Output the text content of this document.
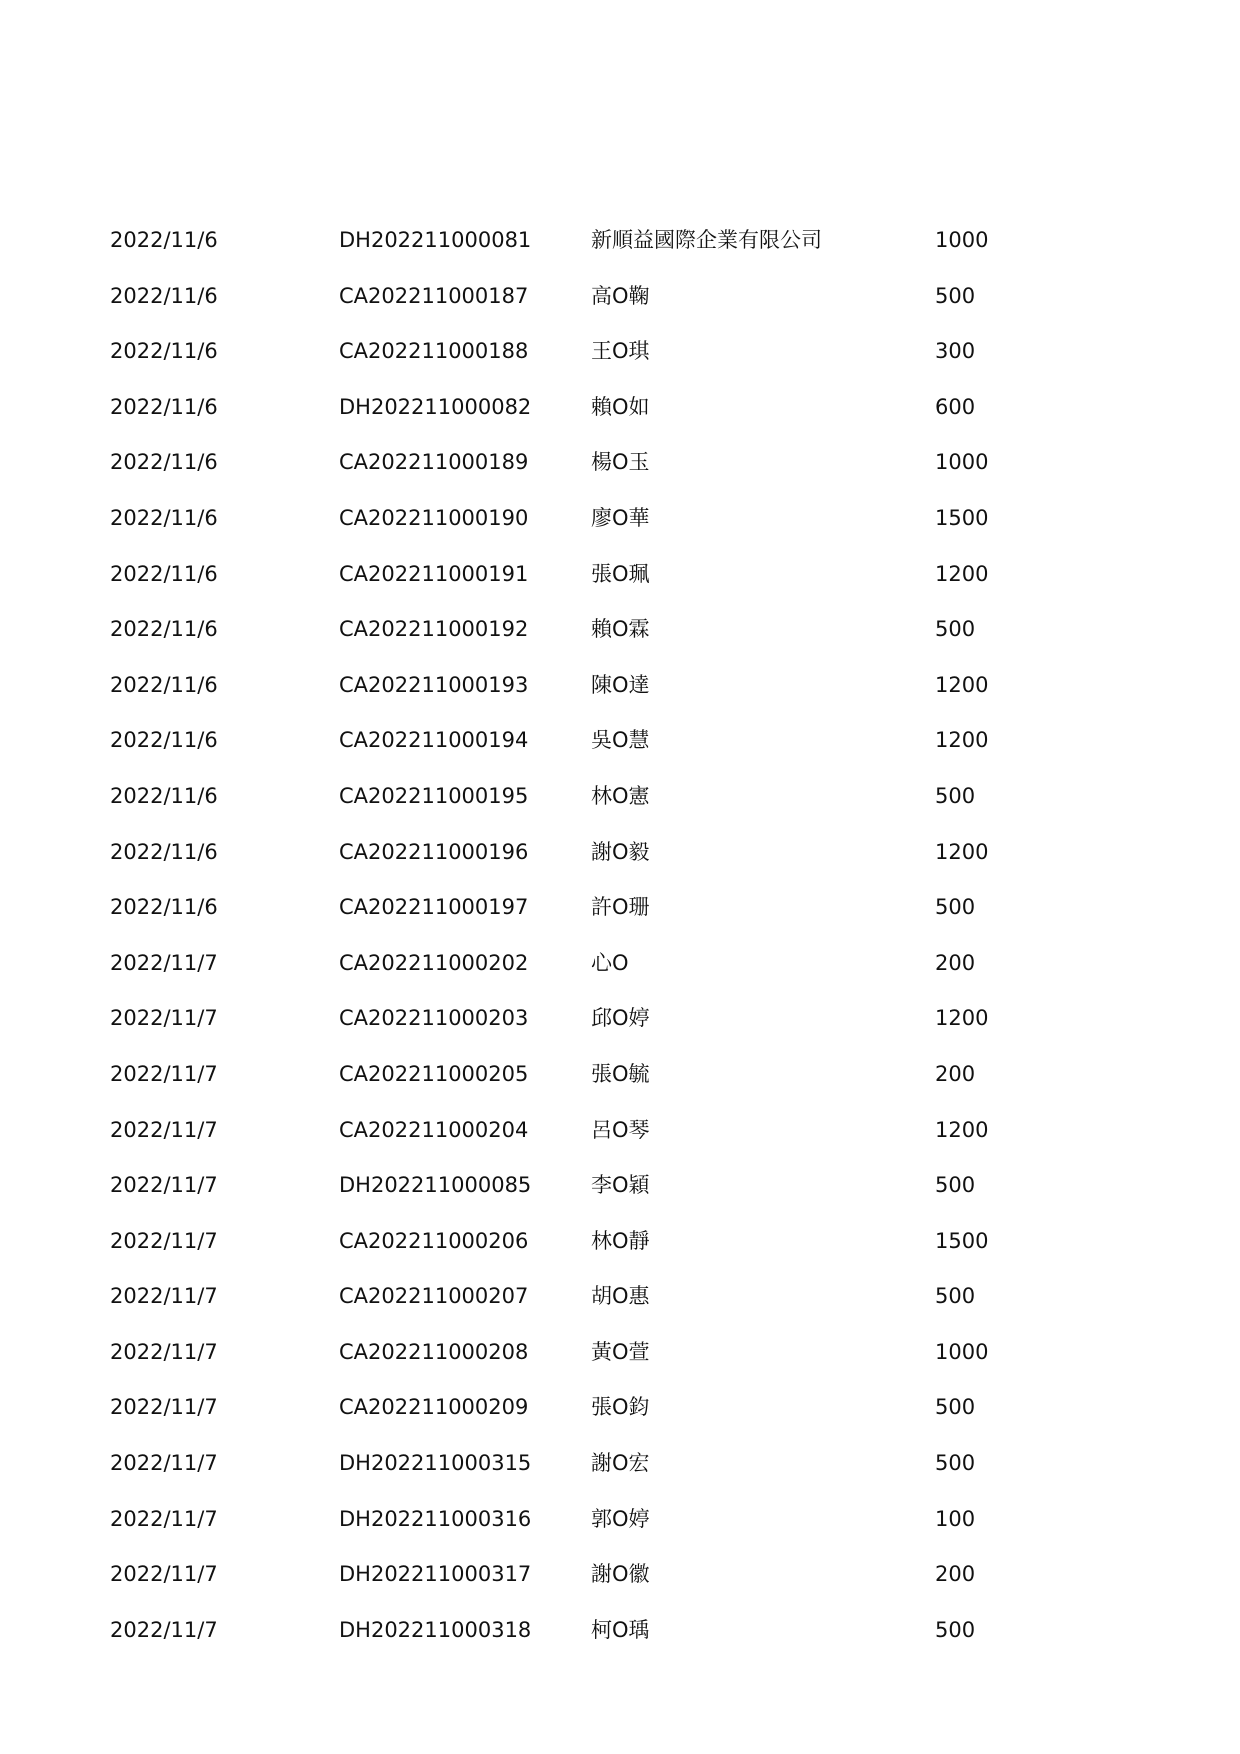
2022/11/6	DH202211000081	新順益國際企業有限公司	1000
2022/11/6	CA202211000187	高O鞠	500
2022/11/6	CA202211000188	王O琪	300
2022/11/6	DH202211000082	賴O如	600
2022/11/6	CA202211000189	楊O玉	1000
2022/11/6	CA202211000190	廖O華	1500
2022/11/6	CA202211000191	張O珮	1200
2022/11/6	CA202211000192	賴O霖	500
2022/11/6	CA202211000193	陳O達	1200
2022/11/6	CA202211000194	吳O慧	1200
2022/11/6	CA202211000195	林O憲	500
2022/11/6	CA202211000196	謝O毅	1200
2022/11/6	CA202211000197	許O珊	500
2022/11/7	CA202211000202	心O	200
2022/11/7	CA202211000203	邱O婷	1200
2022/11/7	CA202211000205	張O毓	200
2022/11/7	CA202211000204	呂O琴	1200
2022/11/7	DH202211000085	李O穎	500
2022/11/7	CA202211000206	林O靜	1500
2022/11/7	CA202211000207	胡O惠	500
2022/11/7	CA202211000208	黃O萱	1000
2022/11/7	CA202211000209	張O鈞	500
2022/11/7	DH202211000315	謝O宏	500
2022/11/7	DH202211000316	郭O婷	100
2022/11/7	DH202211000317	謝O徽	200
2022/11/7	DH202211000318	柯O瑀	500
